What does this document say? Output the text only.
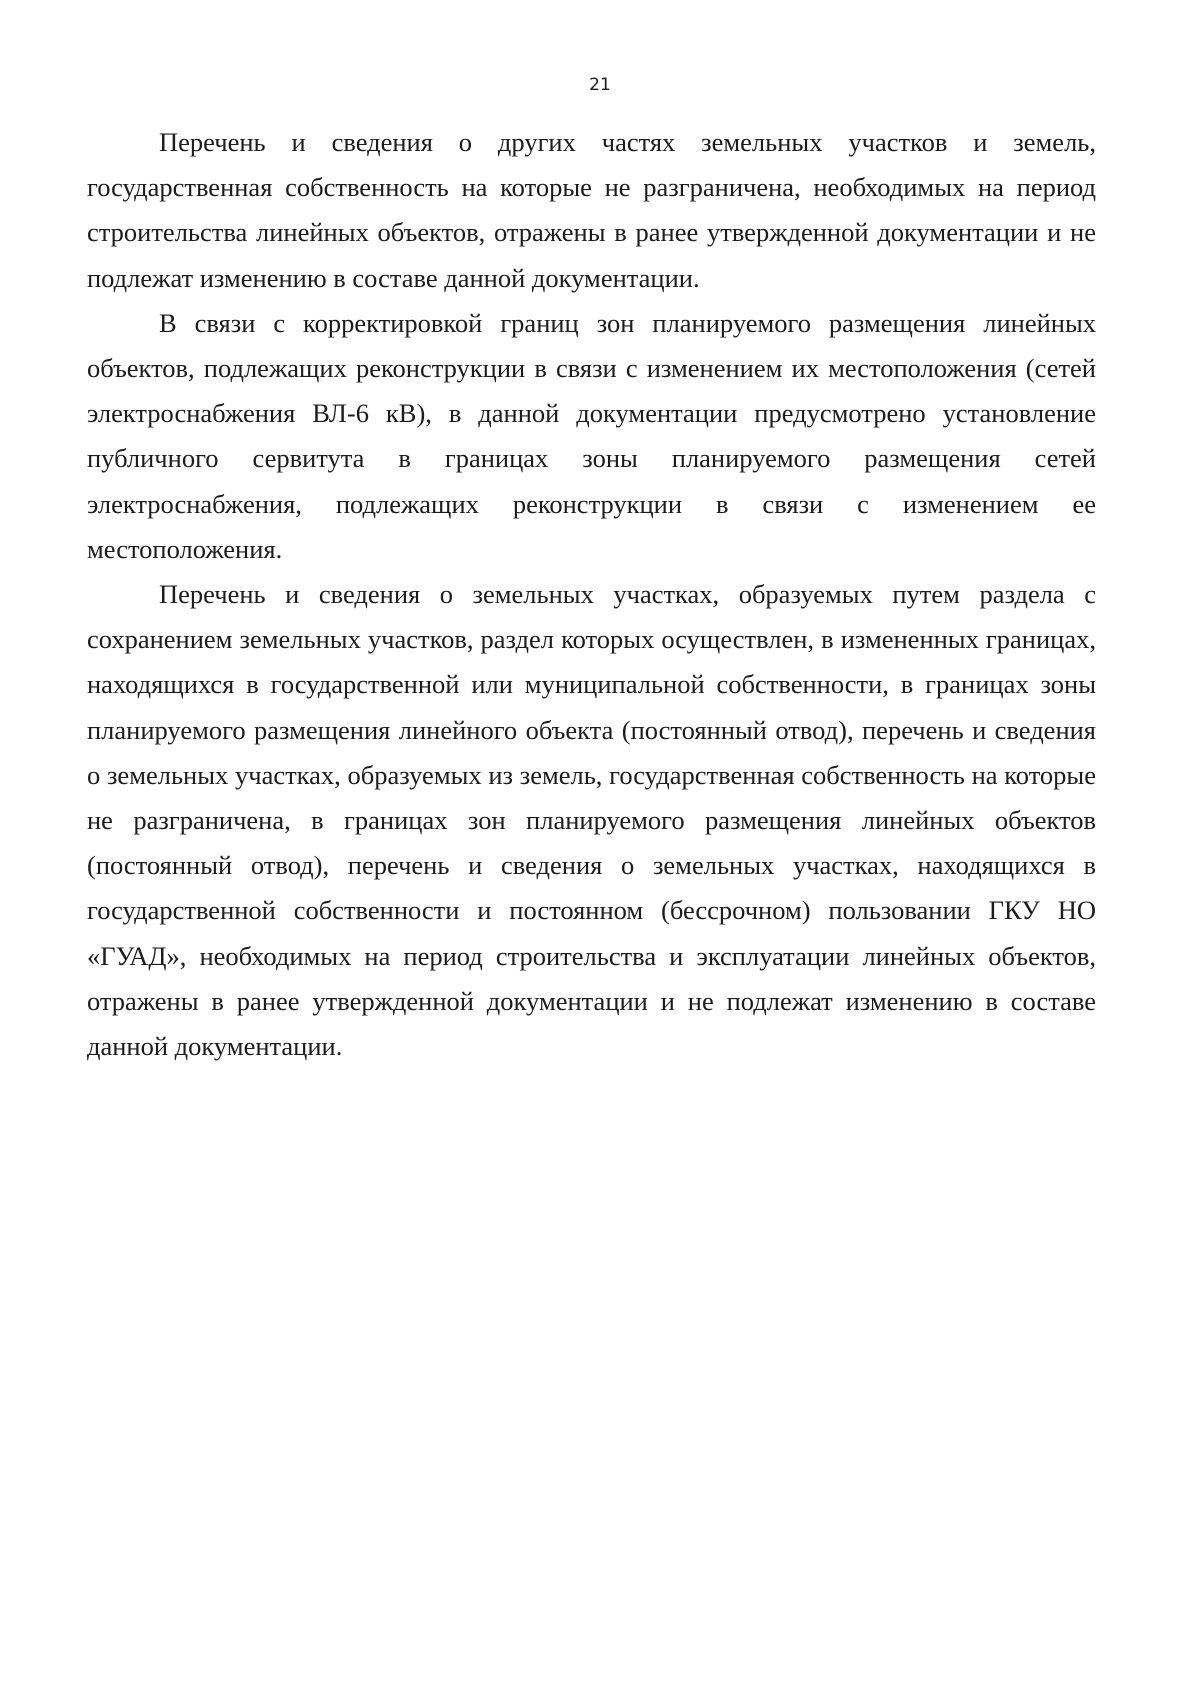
21

Перечень и сведения о других частях земельных участков и земель, государственная собственность на которые не разграничена, необходимых на период строительства линейных объектов, отражены в ранее утвержденной документации и не подлежат изменению в составе данной документации.

В связи с корректировкой границ зон планируемого размещения линейных объектов, подлежащих реконструкции в связи с изменением их местоположения (сетей электроснабжения ВЛ-6 кВ), в данной документации предусмотрено установление публичного сервитута в границах зоны планируемого размещения сетей электроснабжения, подлежащих реконструкции в связи с изменением ее местоположения.

Перечень и сведения о земельных участках, образуемых путем раздела с сохранением земельных участков, раздел которых осуществлен, в измененных границах, находящихся в государственной или муниципальной собственности, в границах зоны планируемого размещения линейного объекта (постоянный отвод), перечень и сведения о земельных участках, образуемых из земель, государственная собственность на которые не разграничена, в границах зон планируемого размещения линейных объектов (постоянный отвод), перечень и сведения о земельных участках, находящихся в государственной собственности и постоянном (бессрочном) пользовании ГКУ НО «ГУАД», необходимых на период строительства и эксплуатации линейных объектов, отражены в ранее утвержденной документации и не подлежат изменению в составе данной документации.
